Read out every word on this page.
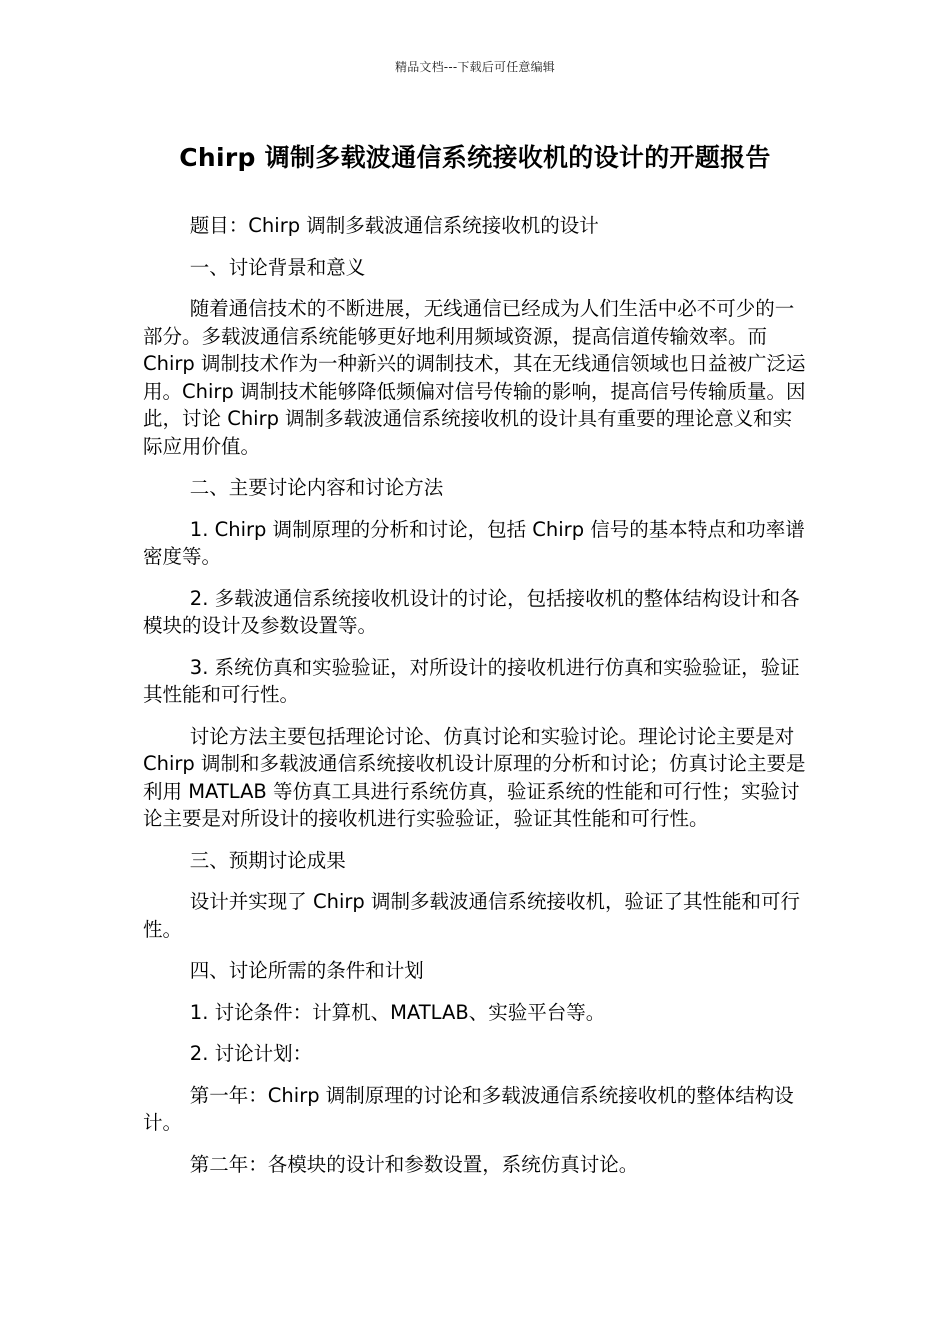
精品文档---下载后可任意编辑
Chirp 调制多载波通信系统接收机的设计的开题报告

题目：Chirp 调制多载波通信系统接收机的设计

一、讨论背景和意义

随着通信技术的不断进展，无线通信已经成为人们生活中必不可少的一部分。多载波通信系统能够更好地利用频域资源，提高信道传输效率。而 Chirp 调制技术作为一种新兴的调制技术，其在无线通信领域也日益被广泛运用。Chirp 调制技术能够降低频偏对信号传输的影响，提高信号传输质量。因此，讨论 Chirp 调制多载波通信系统接收机的设计具有重要的理论意义和实际应用价值。

二、主要讨论内容和讨论方法

1. Chirp 调制原理的分析和讨论，包括 Chirp 信号的基本特点和功率谱密度等。

2. 多载波通信系统接收机设计的讨论，包括接收机的整体结构设计和各模块的设计及参数设置等。

3. 系统仿真和实验验证，对所设计的接收机进行仿真和实验验证，验证其性能和可行性。

讨论方法主要包括理论讨论、仿真讨论和实验讨论。理论讨论主要是对 Chirp 调制和多载波通信系统接收机设计原理的分析和讨论；仿真讨论主要是利用 MATLAB 等仿真工具进行系统仿真，验证系统的性能和可行性；实验讨论主要是对所设计的接收机进行实验验证，验证其性能和可行性。

三、预期讨论成果

设计并实现了 Chirp 调制多载波通信系统接收机，验证了其性能和可行性。

四、讨论所需的条件和计划

1. 讨论条件：计算机、MATLAB、实验平台等。

2. 讨论计划：

第一年：Chirp 调制原理的讨论和多载波通信系统接收机的整体结构设计。

第二年：各模块的设计和参数设置，系统仿真讨论。
